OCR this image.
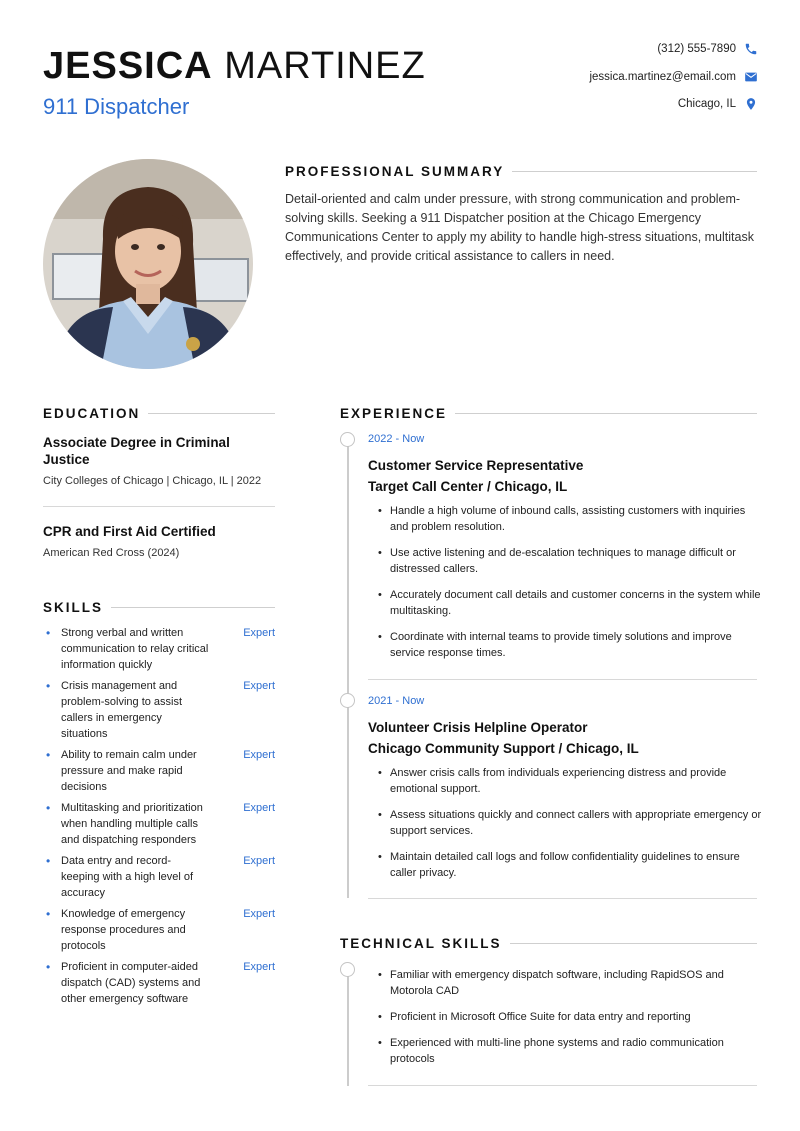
JESSICA MARTINEZ
911 Dispatcher
(312) 555-7890
jessica.martinez@email.com
Chicago, IL
PROFESSIONAL SUMMARY
Detail-oriented and calm under pressure, with strong communication and problem-solving skills. Seeking a 911 Dispatcher position at the Chicago Emergency Communications Center to apply my ability to handle high-stress situations, multitask effectively, and provide critical assistance to callers in need.
EDUCATION
Associate Degree in Criminal Justice
City Colleges of Chicago | Chicago, IL | 2022
CPR and First Aid Certified
American Red Cross (2024)
SKILLS
• Strong verbal and written communication to relay critical information quickly
Expert
• Crisis management and problem-solving to assist callers in emergency situations
Expert
• Ability to remain calm under pressure and make rapid decisions
Expert
• Multitasking and prioritization when handling multiple calls and dispatching responders
Expert
• Data entry and record-keeping with a high level of accuracy
Expert
• Knowledge of emergency response procedures and protocols
Expert
• Proficient in computer-aided dispatch (CAD) systems and other emergency software
Expert
EXPERIENCE
2022 - Now
Customer Service Representative
Target Call Center / Chicago, IL
• Handle a high volume of inbound calls, assisting customers with inquiries and problem resolution.
• Use active listening and de-escalation techniques to manage difficult or distressed callers.
• Accurately document call details and customer concerns in the system while multitasking.
• Coordinate with internal teams to provide timely solutions and improve service response times.
2021 - Now
Volunteer Crisis Helpline Operator
Chicago Community Support / Chicago, IL
• Answer crisis calls from individuals experiencing distress and provide emotional support.
• Assess situations quickly and connect callers with appropriate emergency or support services.
• Maintain detailed call logs and follow confidentiality guidelines to ensure caller privacy.
TECHNICAL SKILLS
• Familiar with emergency dispatch software, including RapidSOS and Motorola CAD
• Proficient in Microsoft Office Suite for data entry and reporting
• Experienced with multi-line phone systems and radio communication protocols
